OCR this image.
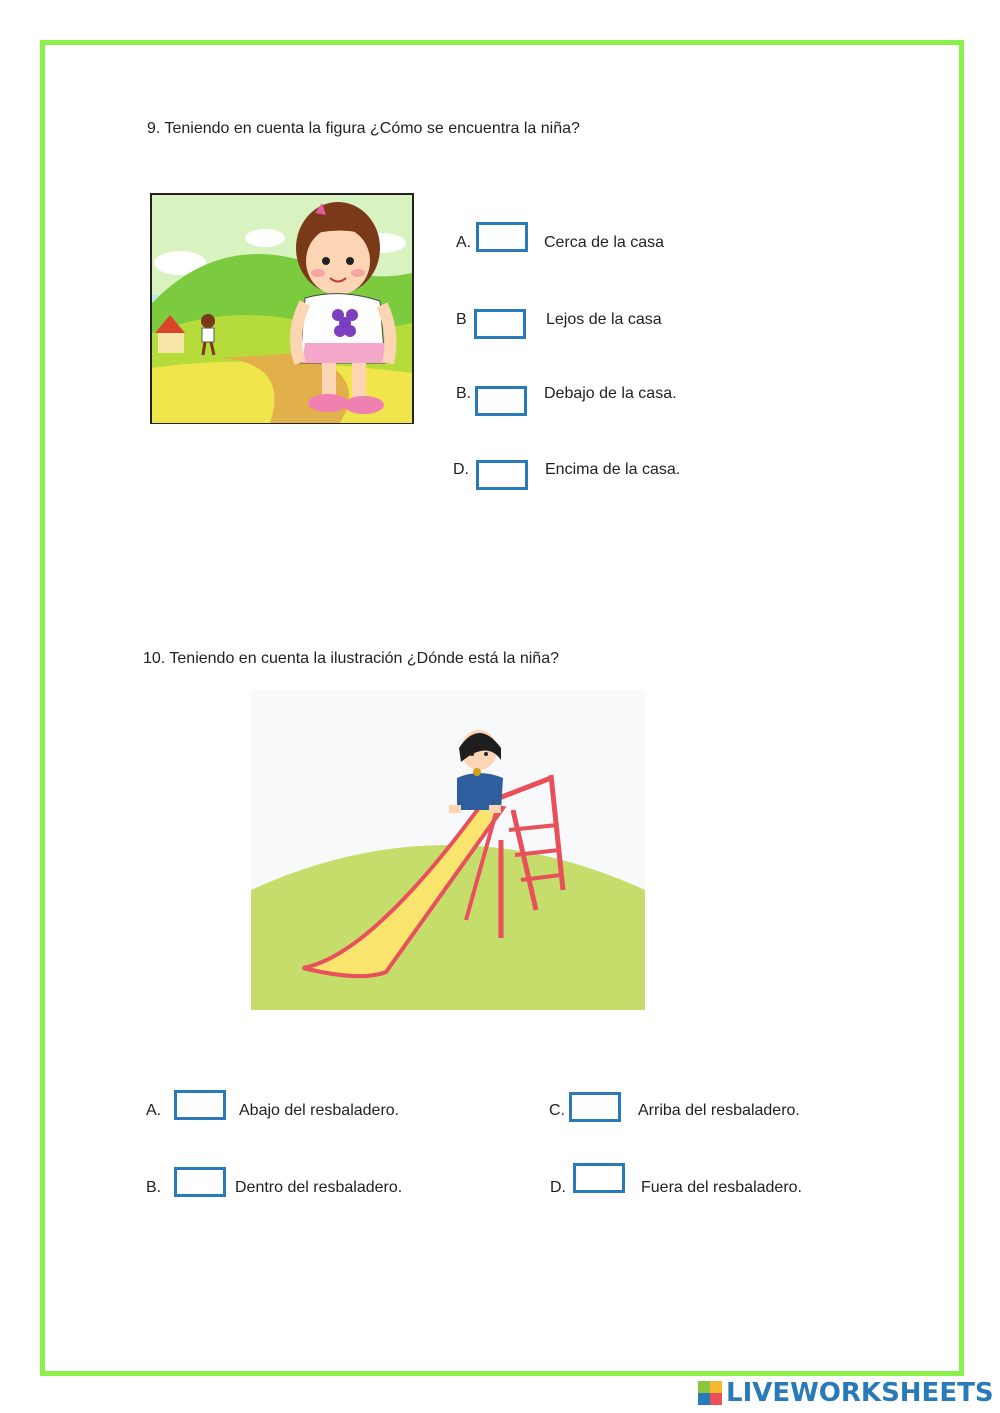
9. Teniendo en cuenta la figura ¿Cómo se encuentra la niña?
A.	Cerca de la casa
B	Lejos de la casa
B.	Debajo de la casa.
D.	Encima de la casa.
10. Teniendo en cuenta la ilustración ¿Dónde está la niña?
A.	Abajo del resbaladero.	C.	Arriba del resbaladero.
B.	Dentro del resbaladero.	D.	Fuera del resbaladero.
LIVEWORKSHEETS
